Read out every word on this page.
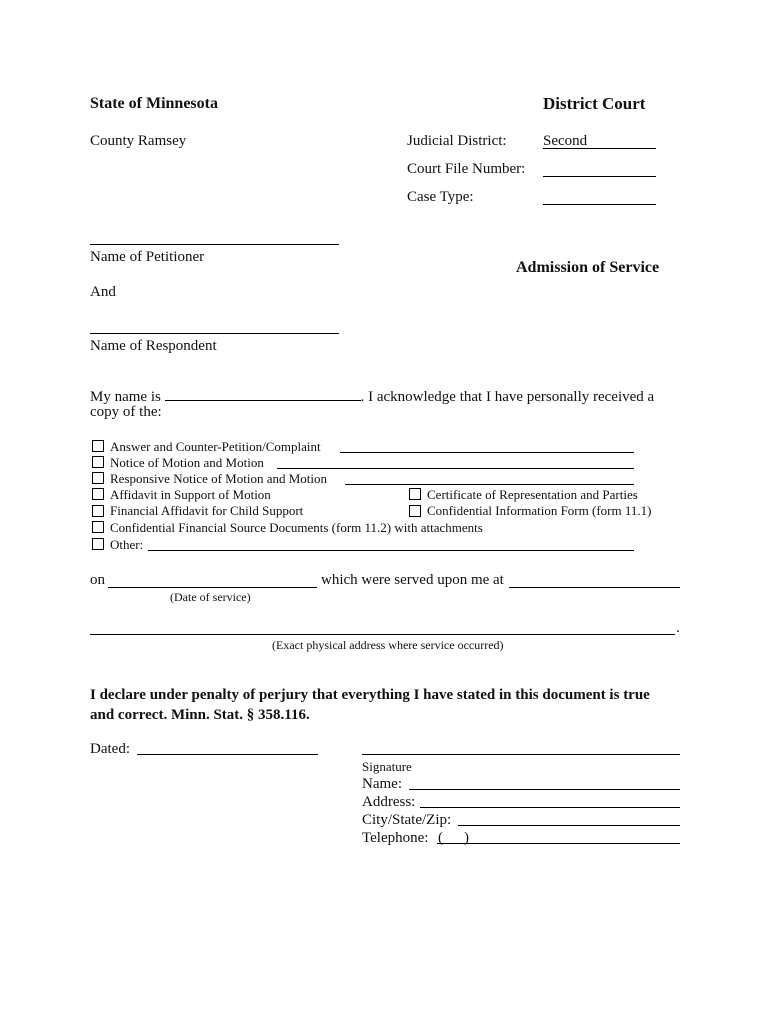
State of Minnesota	District Court
County Ramsey	Judicial District: Second
Court File Number:
Case Type:
Name of Petitioner
Admission of Service
And
Name of Respondent
My name is	. I acknowledge that I have personally received a
copy of the:
Answer and Counter-Petition/Complaint
Notice of Motion and Motion
Responsive Notice of Motion and Motion
Affidavit in Support of Motion	Certificate of Representation and Parties
Financial Affidavit for Child Support	Confidential Information Form (form 11.1)
Confidential Financial Source Documents (form 11.2) with attachments
Other:
on	which were served upon me at
(Date of service)
.
(Exact physical address where service occurred)
I declare under penalty of perjury that everything I have stated in this document is true
and correct. Minn. Stat. § 358.116.
Dated:
Signature
Name:
Address:
City/State/Zip:
Telephone: ( )
